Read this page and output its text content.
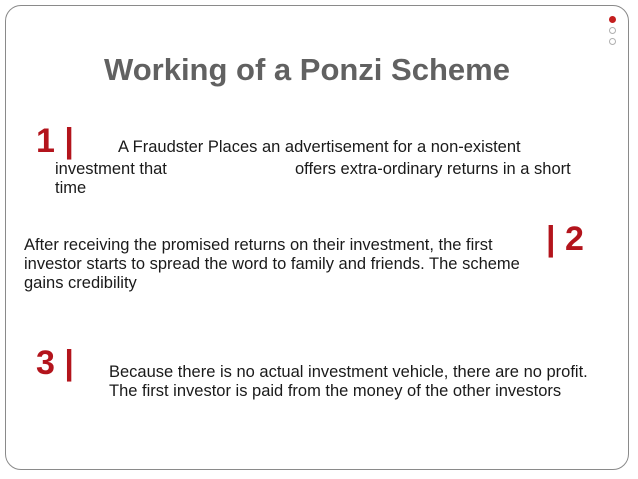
Working of a Ponzi Scheme
1 |	A Fraudster Places an advertisement for a non-existent
investment that	offers extra-ordinary returns in a short
time
After receiving the promised returns on their investment, the first investor starts to spread the word to family and friends. The scheme gains credibility
| 2
3 | Because there is no actual investment vehicle, there are no profit. The first investor is paid from the money of the other investors
